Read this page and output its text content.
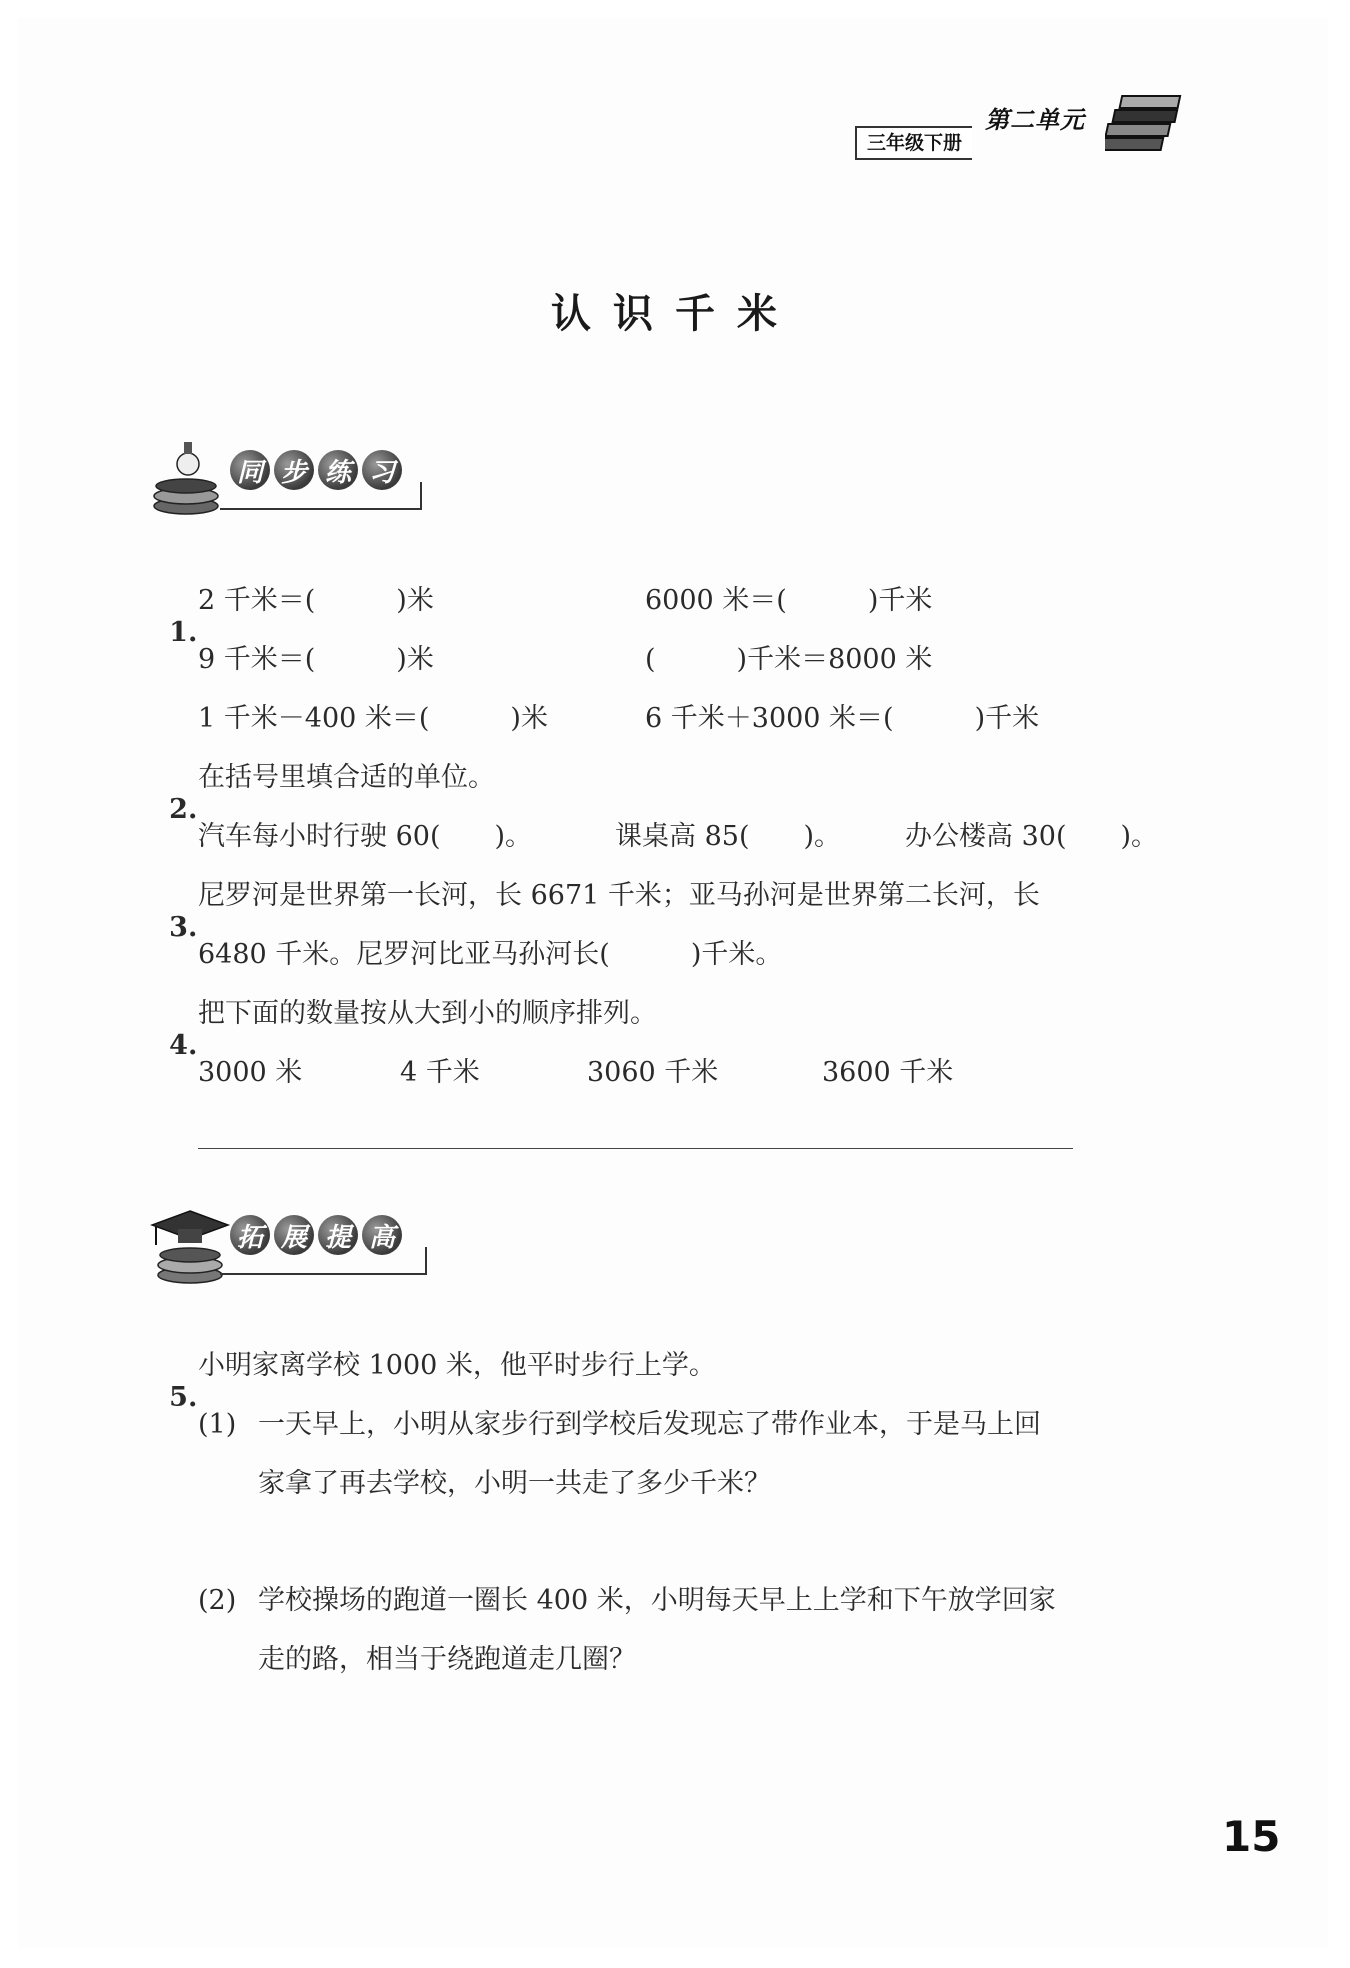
三年级下册
第二单元
认识千米
同 步 练 习

1.

2 千米＝(　　　)米	6000 米＝(　　　)千米
9 千米＝(　　　)米	(　　　)千米＝8000 米
1 千米－400 米＝(　　　)米	6 千米＋3000 米＝(　　　)千米

2.

在括号里填合适的单位。
汽车每小时行驶 60(　　)。	课桌高 85(　　)。 办公楼高 30(　　)。

3.

尼罗河是世界第一长河，长 6671 千米；亚马孙河是世界第二长河，长
6480 千米。尼罗河比亚马孙河长(　　　)千米。

4.

把下面的数量按从大到小的顺序排列。
3000 米	4 千米	3060 千米	3600 千米
拓 展 提 高

5.

小明家离学校 1000 米，他平时步行上学。
(1) 一天早上，小明从家步行到学校后发现忘了带作业本，于是马上回
家拿了再去学校，小明一共走了多少千米？
(2) 学校操场的跑道一圈长 400 米，小明每天早上上学和下午放学回家
走的路，相当于绕跑道走几圈？
15
